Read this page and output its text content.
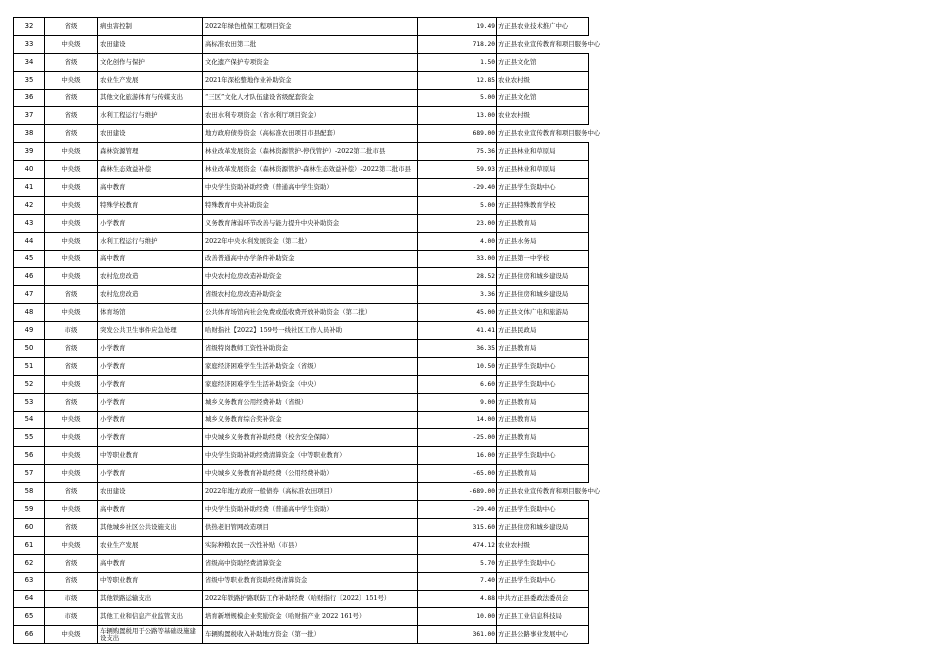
32	省级	病虫害控制	2022年绿色植保工程项目资金	19.49	方正县农业技术推广中心
33	中央级	农田建设	高标准农田第二批	718.20	方正县农业宣传教育和项目服务中心
34	省级	文化创作与保护	文化遗产保护专项资金	1.50	方正县文化馆
35	中央级	农业生产发展	2021年深松整地作业补助资金	12.85	农业农村级
36	省级	其他文化旅游体育与传媒支出	“三区”文化人才队伍建设省级配套资金	5.00	方正县文化馆
37	省级	水利工程运行与维护	农田水利专项资金（省水利厅项目资金）	13.00	农业农村级
38	省级	农田建设	地方政府债券资金（高标准农田项目市县配套）	689.00	方正县农业宣传教育和项目服务中心
39	中央级	森林资源管理	林业改革发展资金（森林资源管护-停伐管护）-2022第二批市县	75.36	方正县林业和草原局
40	中央级	森林生态效益补偿	林业改革发展资金（森林资源管护-森林生态效益补偿）-2022第二批市县	59.93	方正县林业和草原局
41	中央级	高中教育	中央学生资助补助经费（普通高中学生资助）	-29.40	方正县学生资助中心
42	中央级	特殊学校教育	特殊教育中央补助资金	5.00	方正县特殊教育学校
43	中央级	小学教育	义务教育薄弱环节改善与能力提升中央补助资金	23.00	方正县教育局
44	中央级	水利工程运行与维护	2022年中央水利发展资金（第二批）	4.00	方正县水务局
45	中央级	高中教育	改善普通高中办学条件补助资金	33.00	方正县第一中学校
46	中央级	农村危房改造	中央农村危房改造补助资金	28.52	方正县住房和城乡建设局
47	省级	农村危房改造	省级农村危房改造补助资金	3.36	方正县住房和城乡建设局
48	中央级	体育场馆	公共体育场馆向社会免费或低收费开放补助资金（第二批）	45.00	方正县文体广电和旅游局
49	市级	突发公共卫生事件应急处理	哈财指社【2022】159号一线社区工作人员补助	41.41	方正县民政局
50	省级	小学教育	省级特岗教师工资性补助资金	36.35	方正县教育局
51	省级	小学教育	家庭经济困难学生生活补助资金（省级）	10.50	方正县学生资助中心
52	中央级	小学教育	家庭经济困难学生生活补助资金（中央）	6.60	方正县学生资助中心
53	省级	小学教育	城乡义务教育公用经费补助（省级）	9.00	方正县教育局
54	中央级	小学教育	城乡义务教育综合奖补资金	14.00	方正县教育局
55	中央级	小学教育	中央城乡义务教育补助经费（校舍安全保障）	-25.00	方正县教育局
56	中央级	中等职业教育	中央学生资助补助经费清算资金（中等职业教育）	16.00	方正县学生资助中心
57	中央级	小学教育	中央城乡义务教育补助经费（公用经费补助）	-65.00	方正县教育局
58	省级	农田建设	2022年地方政府一般债券（高标准农田项目）	-689.00	方正县农业宣传教育和项目服务中心
59	中央级	高中教育	中央学生资助补助经费（普通高中学生资助）	-29.40	方正县学生资助中心
60	省级	其他城乡社区公共设施支出	供热老旧管网改造项目	315.60	方正县住房和城乡建设局
61	中央级	农业生产发展	实际种粮农民一次性补贴（市县）	474.12	农业农村级
62	省级	高中教育	省级高中资助经费清算资金	5.70	方正县学生资助中心
63	省级	中等职业教育	省级中等职业教育资助经费清算资金	7.40	方正县学生资助中心
64	市级	其他铁路运输支出	2022年铁路护路联防工作补助经费（哈财指行〔2022〕151号）	4.88	中共方正县委政法委员会
65	市级	其他工业和信息产业监管支出	培育新增规模企业奖励资金（哈财指产业 2022 161号）	10.00	方正县工业信息科技局
66	中央级	车辆购置税用于公路等基础设施建设支出	车辆购置税收入补助地方资金（第一批）	361.00	方正县公路事业发展中心
